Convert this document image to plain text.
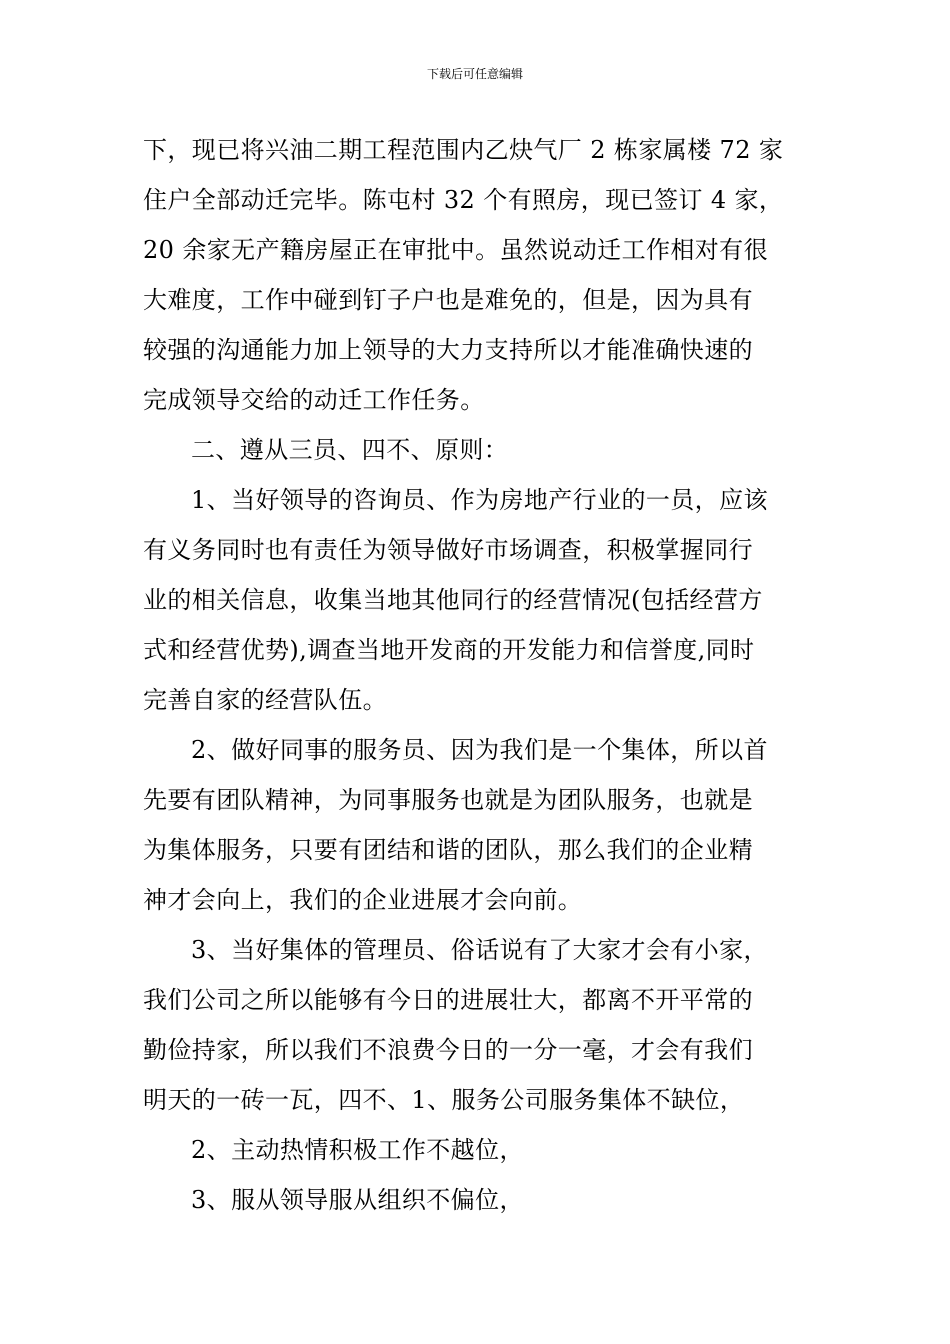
下载后可任意编辑
下，现已将兴油二期工程范围内乙炔气厂 2 栋家属楼 72 家
住户全部动迁完毕。陈屯村 32 个有照房，现已签订 4 家，
20 余家无产籍房屋正在审批中。虽然说动迁工作相对有很
大难度，工作中碰到钉子户也是难免的，但是，因为具有
较强的沟通能力加上领导的大力支持所以才能准确快速的
完成领导交给的动迁工作任务。
二、遵从三员、四不、原则：
1、当好领导的咨询员、作为房地产行业的一员，应该
有义务同时也有责任为领导做好市场调查，积极掌握同行
业的相关信息，收集当地其他同行的经营情况(包括经营方
式和经营优势),调查当地开发商的开发能力和信誉度,同时
完善自家的经营队伍。
2、做好同事的服务员、因为我们是一个集体，所以首
先要有团队精神，为同事服务也就是为团队服务，也就是
为集体服务，只要有团结和谐的团队，那么我们的企业精
神才会向上，我们的企业进展才会向前。
3、当好集体的管理员、俗话说有了大家才会有小家，
我们公司之所以能够有今日的进展壮大，都离不开平常的
勤俭持家，所以我们不浪费今日的一分一毫，才会有我们
明天的一砖一瓦，四不、1、服务公司服务集体不缺位，
2、主动热情积极工作不越位，
3、服从领导服从组织不偏位，
